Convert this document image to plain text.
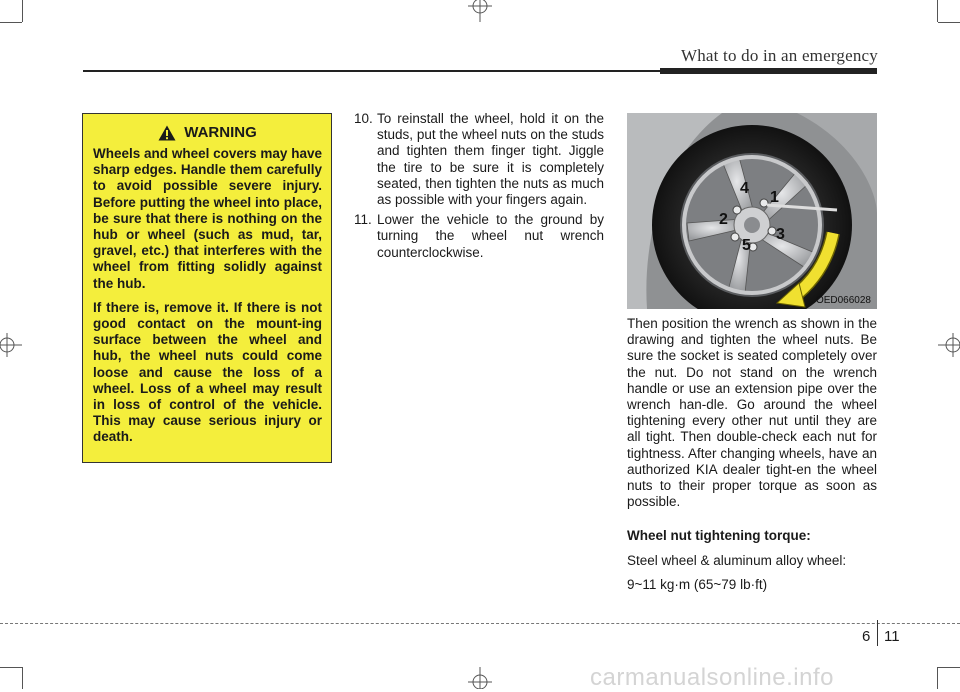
What to do in an emergency
WARNING

Wheels and wheel covers may have sharp edges. Handle them carefully to avoid possible severe injury. Before putting the wheel into place, be sure that there is nothing on the hub or wheel (such as mud, tar, gravel, etc.) that interferes with the wheel from fitting solidly against the hub.

If there is, remove it. If there is not good contact on the mount-ing surface between the wheel and hub, the wheel nuts could come loose and cause the loss of a wheel. Loss of a wheel may result in loss of control of the vehicle. This may cause serious injury or death.

10. To reinstall the wheel, hold it on the studs, put the wheel nuts on the studs and tighten them finger tight. Jiggle the tire to be sure it is completely seated, then tighten the nuts as much as possible with your fingers again.
11. Lower the vehicle to the ground by turning the wheel nut wrench counterclockwise.
1
2
3
4
5
OED066028

Then position the wrench as shown in the drawing and tighten the wheel nuts. Be sure the socket is seated completely over the nut. Do not stand on the wrench handle or use an extension pipe over the wrench han-dle. Go around the wheel tightening every other nut until they are all tight. Then double-check each nut for tightness. After changing wheels, have an authorized KIA dealer tight-en the wheel nuts to their proper torque as soon as possible.

Wheel nut tightening torque:

Steel wheel & aluminum alloy wheel:

9~11 kg·m (65~79 lb·ft)

6 11
carmanualsonline.info
